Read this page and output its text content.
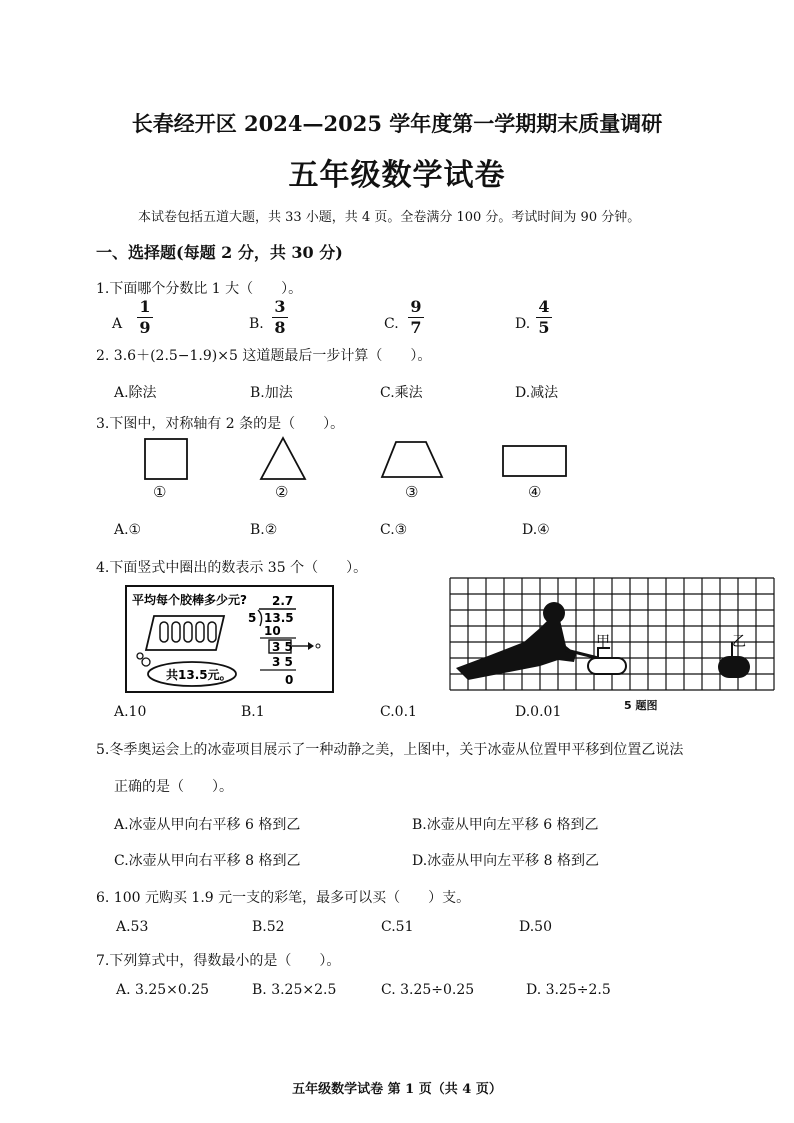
长春经开区 2024—2025 学年度第一学期期末质量调研
五年级数学试卷
本试卷包括五道大题，共 33 小题，共 4 页。全卷满分 100 分。考试时间为 90 分钟。
一、选择题(每题 2 分，共 30 分)
1.下面哪个分数比 1 大（　　）。
A
1
9	B.
3
8	C.
9
7	D.
4
5
2. 3.6＋(2.5−1.9)×5 这道题最后一步计算（　　）。
A.除法	B.加法	C.乘法	D.减法
3.下图中，对称轴有 2 条的是（　　）。
①	②	③	④
A.①	B.②	C.③	D.④
4.下面竖式中圈出的数表示 35 个（　　）。
平均每个胶棒多少元?
共13.5元。
2.7
5 13.5
10
3 5
3 5
0
甲	乙
5 题图
A.10	B.1	C.0.1	D.0.01
5.冬季奥运会上的冰壶项目展示了一种动静之美，上图中，关于冰壶从位置甲平移到位置乙说法
正确的是（　　）。
A.冰壶从甲向右平移 6 格到乙	B.冰壶从甲向左平移 6 格到乙
C.冰壶从甲向右平移 8 格到乙	D.冰壶从甲向左平移 8 格到乙
6. 100 元购买 1.9 元一支的彩笔，最多可以买（　　）支。
A.53	B.52	C.51	D.50
7.下列算式中，得数最小的是（　　）。
A. 3.25×0.25	B. 3.25×2.5	C. 3.25÷0.25	D. 3.25÷2.5
五年级数学试卷 第 1 页（共 4 页）
